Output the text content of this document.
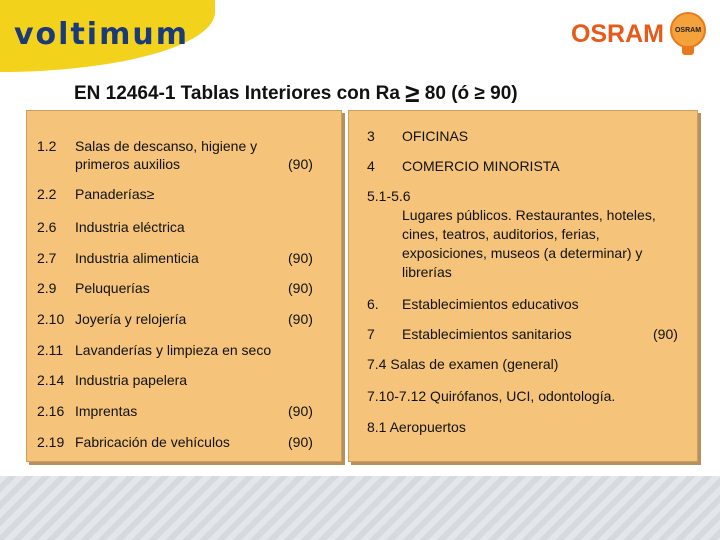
voltimum	OSRAM OSRAM
EN 12464-1 Tablas Interiores con Ra ≥ 80 (ó ≥ 90)
1.2 Salas de descanso, higiene y
primeros auxilios	(90)
2.2 Panaderías≥
2.6 Industria eléctrica
2.7 Industria alimenticia	(90)
2.9 Peluquerías	(90)
2.10 Joyería y relojería	(90)
2.11 Lavanderías y limpieza en seco
2.14 Industria papelera
2.16 Imprentas	(90)
2.19 Fabricación de vehículos	(90)
3 OFICINAS
4 COMERCIO MINORISTA
5.1-5.6
Lugares públicos. Restaurantes, hoteles,
cines, teatros, auditorios, ferias,
exposiciones, museos (a determinar) y
librerías
6. Establecimientos educativos
7 Establecimientos sanitarios	(90)
7.4 Salas de examen (general)
7.10-7.12 Quirófanos, UCI, odontología.
8.1 Aeropuertos
